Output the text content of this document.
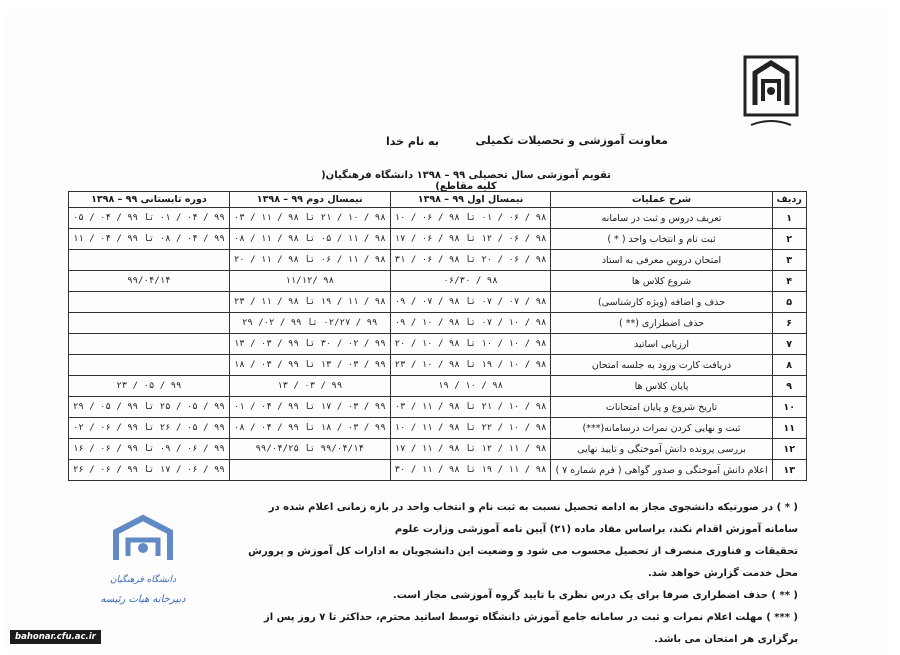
معاونت آموزشی و تحصیلات تکمیلی
به نام خدا
تقویم آموزشی سال تحصیلی ۹۹ – ۱۳۹۸ دانشگاه فرهنگیان( کلیه مقاطع)
ردیف	شرح عملیات	نیمسال اول ۹۹ – ۱۳۹۸	نیمسال دوم ۹۹ – ۱۳۹۸	دوره تابستانی ۹۹ – ۱۳۹۸
۱	تعریف دروس و ثبت در سامانه	۹۸ / ۰۶ / ۰۱ تا ۹۸ / ۰۶ / ۱۰	۹۸ / ۱۰ / ۲۱ تا ۹۸ / ۱۱ / ۰۳	۹۹ / ۰۴ / ۰۱ تا ۹۹ / ۰۴ / ۰۵
۲	ثبت نام و انتخاب واحد ( * )	۹۸ / ۰۶ / ۱۲ تا ۹۸ / ۰۶ / ۱۷	۹۸ / ۱۱ / ۰۵ تا ۹۸ / ۱۱ / ۰۸	۹۹ / ۰۴ / ۰۸ تا ۹۹ / ۰۴ / ۱۱
۳	امتحان دروس معرفی به استاد	۹۸ / ۰۶ / ۲۰ تا ۹۸ / ۰۶ / ۳۱	۹۸ / ۱۱ / ۰۶ تا ۹۸ / ۱۱ / ۲۰	
۴	شروع کلاس ها	۹۸ / ۰۶/۳۰	۹۸ /۱۱/۱۲	۹۹/۰۴/۱۴
۵	حذف و اضافه (ویژه کارشناسی)	۹۸ / ۰۷ / ۰۷ تا ۹۸ / ۰۷ / ۰۹	۹۸ / ۱۱ / ۱۹ تا ۹۸ / ۱۱ / ۲۳	
۶	حذف اضطراری (** )	۹۸ / ۱۰ / ۰۷ تا ۹۸ / ۱۰ / ۰۹	۹۹ / ۰۲/۲۷ تا ۹۹ / ۰۲/ ۲۹	
۷	ارزیابی اساتید	۹۸ / ۱۰ / ۱۰ تا ۹۸ / ۱۰ / ۲۰	۹۹ / ۰۲ / ۳۰ تا ۹۹ / ۰۳ / ۱۳	
۸	دریافت کارت ورود به جلسه امتحان	۹۸ / ۱۰ / ۱۹ تا ۹۸ / ۱۰ / ۲۳	۹۹ / ۰۳ / ۱۳ تا ۹۹ / ۰۳ / ۱۸	
۹	پایان کلاس ها	۹۸ / ۱۰ / ۱۹	۹۹ / ۰۳ / ۱۳	۹۹ / ۰۵ / ۲۳
۱۰	تاریخ شروع و پایان امتحانات	۹۸ / ۱۰ / ۲۱ تا ۹۸ / ۱۱ / ۰۳	۹۹ / ۰۳ / ۱۷ تا ۹۹ / ۰۴ / ۰۱	۹۹ / ۰۵ / ۲۵ تا ۹۹ / ۰۵ / ۲۹
۱۱	ثبت و نهایی کردن نمرات درسامانه(***)	۹۸ / ۱۰ / ۲۲ تا ۹۸ / ۱۱ / ۱۰	۹۹ / ۰۳ / ۱۸ تا ۹۹ / ۰۴ / ۰۸	۹۹ / ۰۵ / ۲۶ تا ۹۹ / ۰۶ / ۰۲
۱۲	بررسی پرونده دانش آموختگی و تایید نهایی	۹۸ / ۱۱ / ۱۲ تا ۹۸ / ۱۱ / ۱۷	۹۹/۰۴/۱۴ تا ۹۹/۰۴/۲۵	۹۹ / ۰۶ / ۰۹ تا ۹۹ / ۰۶ / ۱۶
۱۳	اعلام دانش آموختگی و صدور گواهی ( فرم شماره ۷ )	۹۸ / ۱۱ / ۱۹ تا ۹۸ / ۱۱ / ۳۰		۹۹ / ۰۶ / ۱۷ تا ۹۹ / ۰۶ / ۲۶

( * ) در صورتیکه دانشجوی مجاز به ادامه تحصیل نسبت به ثبت نام و انتخاب واحد در بازه زمانی اعلام شده در سامانه آموزش اقدام نکند، براساس مفاد ماده (۲۱) آیین نامه آموزشی وزارت علوم

تحقیقات و فناوری منصرف از تحصیل محسوب می شود و وضعیت این دانشجویان به ادارات کل آموزش و پرورش محل خدمت گزارش خواهد شد.

( ** ) حذف اضطراری صرفا برای یک درس نظری با تایید گروه آموزشی مجاز است.

( *** ) مهلت اعلام نمرات و ثبت در سامانه جامع آموزش دانشگاه توسط اساتید محترم، حداکثر تا ۷ روز پس از برگزاری هر امتحان می باشد.

دانشگاه فرهنگیان
دبیرخانه هیات رئیسه
bahonar.cfu.ac.ir
